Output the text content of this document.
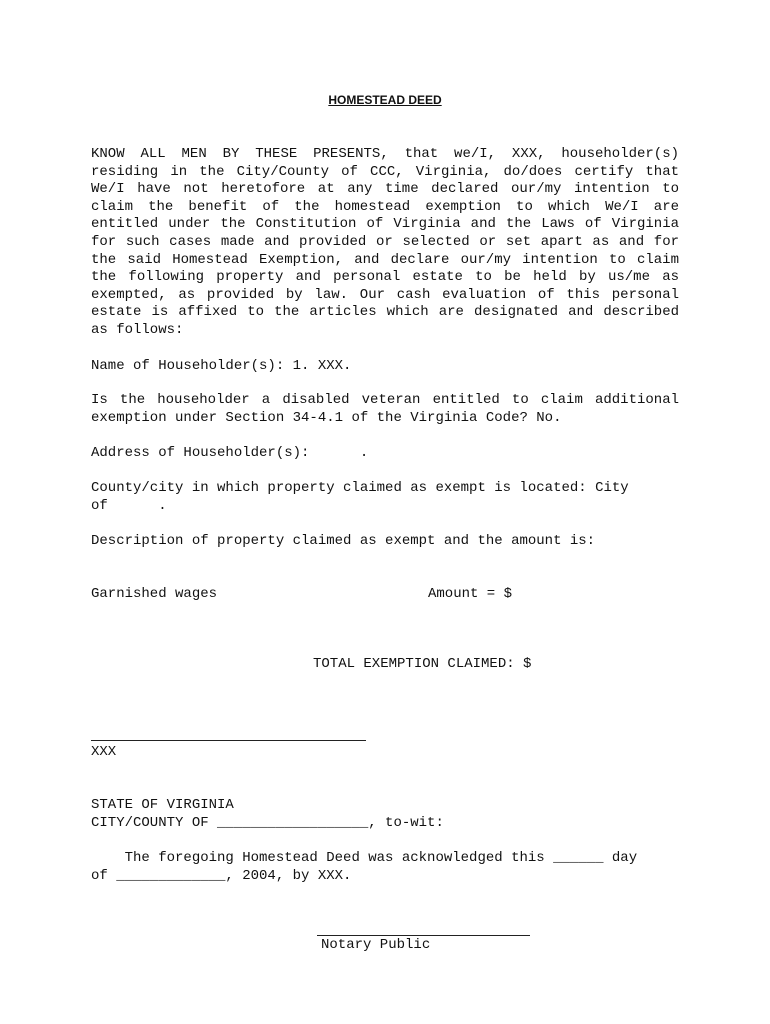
HOMESTEAD DEED
KNOW ALL MEN BY THESE PRESENTS, that we/I, XXX, householder(s) residing in the City/County of CCC, Virginia, do/does certify that We/I have not heretofore at any time declared our/my intention to claim the benefit of the homestead exemption to which We/I are entitled under the Constitution of Virginia and the Laws of Virginia for such cases made and provided or selected or set apart as and for the said Homestead Exemption, and declare our/my intention to claim the following property and personal estate to be held by us/me as exempted, as provided by law. Our cash evaluation of this personal estate is affixed to the articles which are designated and described as follows:
Name of Householder(s): 1. XXX.
Is the householder a disabled veteran entitled to claim additional exemption under Section 34-4.1 of the Virginia Code? No.
Address of Householder(s):      .
County/city in which property claimed as exempt is located: City
of      .
Description of property claimed as exempt and the amount is:
Garnished wages	Amount = $
TOTAL EXEMPTION CLAIMED: $
XXX
STATE OF VIRGINIA
CITY/COUNTY OF __________________, to-wit:
The foregoing Homestead Deed was acknowledged this ______ day
of _____________, 2004, by XXX.
Notary Public
